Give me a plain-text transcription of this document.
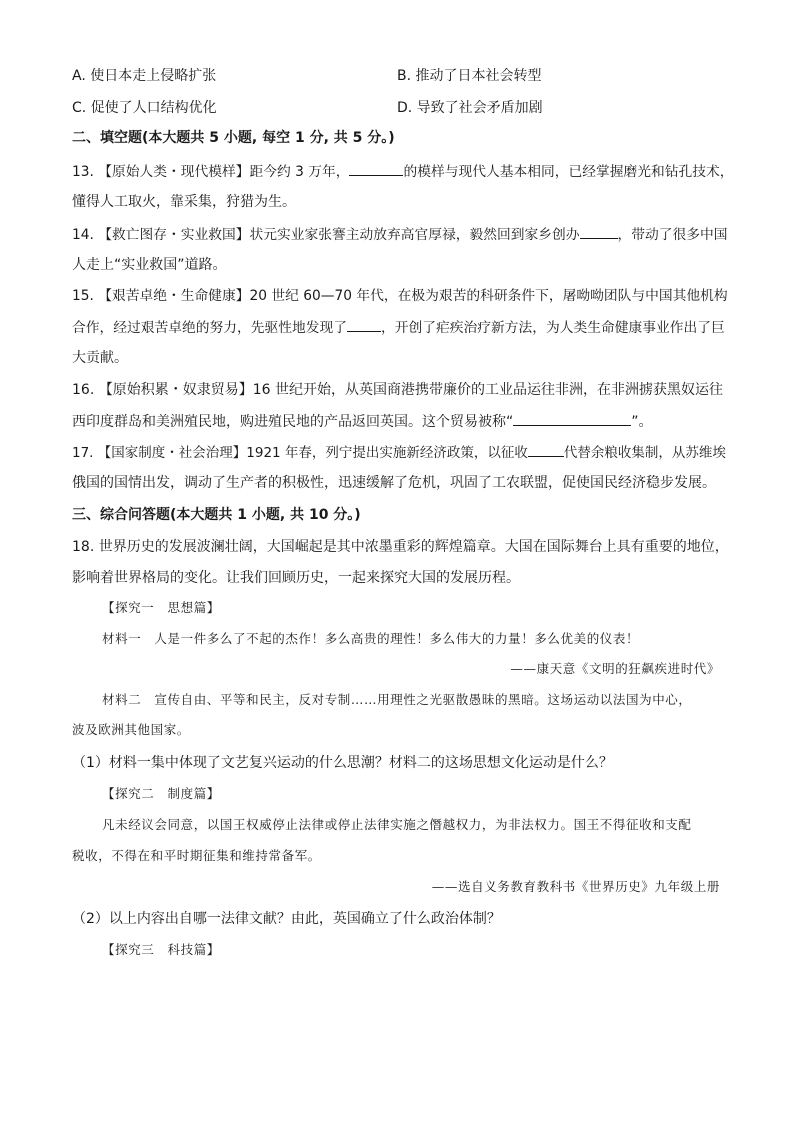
A. 使日本走上侵略扩张	B. 推动了日本社会转型
C. 促使了人口结构优化	D. 导致了社会矛盾加剧
二、填空题(本大题共 5 小题, 每空 1 分, 共 5 分。)
13. 【原始人类・现代模样】距今约 3 万年，	的模样与现代人基本相同，已经掌握磨光和钻孔技术，
懂得人工取火，靠采集，狩猎为生。
14. 【救亡图存・实业救国】状元实业家张謇主动放弃高官厚禄，毅然回到家乡创办	，带动了很多中国
人走上“实业救国”道路。
15. 【艰苦卓绝・生命健康】20 世纪 60—70 年代，在极为艰苦的科研条件下，屠呦呦团队与中国其他机构
合作，经过艰苦卓绝的努力，先驱性地发现了 ，开创了疟疾治疗新方法，为人类生命健康事业作出了巨
大贡献。
16. 【原始积累・奴隶贸易】16 世纪开始，从英国商港携带廉价的工业品运往非洲，在非洲掳获黑奴运往
西印度群岛和美洲殖民地，购进殖民地的产品返回英国。这个贸易被称“	”。
17. 【国家制度・社会治理】1921 年春，列宁提出实施新经济政策，以征收	代替余粮收集制，从苏维埃
俄国的国情出发，调动了生产者的积极性，迅速缓解了危机，巩固了工农联盟，促使国民经济稳步发展。
三、综合问答题(本大题共 1 小题, 共 10 分。)
18. 世界历史的发展波澜壮阔，大国崛起是其中浓墨重彩的辉煌篇章。大国在国际舞台上具有重要的地位，
影响着世界格局的变化。让我们回顾历史，一起来探究大国的发展历程。
【探究一　思想篇】
材料一　人是一件多么了不起的杰作！多么高贵的理性！多么伟大的力量！多么优美的仪表！
——康天意《文明的狂飙疾进时代》
材料二　宣传自由、平等和民主，反对专制……用理性之光驱散愚昧的黑暗。这场运动以法国为中心，
波及欧洲其他国家。
（1）材料一集中体现了文艺复兴运动的什么思潮？材料二的这场思想文化运动是什么？
【探究二　制度篇】
凡未经议会同意，以国王权威停止法律或停止法律实施之僭越权力，为非法权力。国王不得征收和支配
税收，不得在和平时期征集和维持常备军。
——选自义务教育教科书《世界历史》九年级上册
（2）以上内容出自哪一法律文献？由此，英国确立了什么政治体制？
【探究三　科技篇】
